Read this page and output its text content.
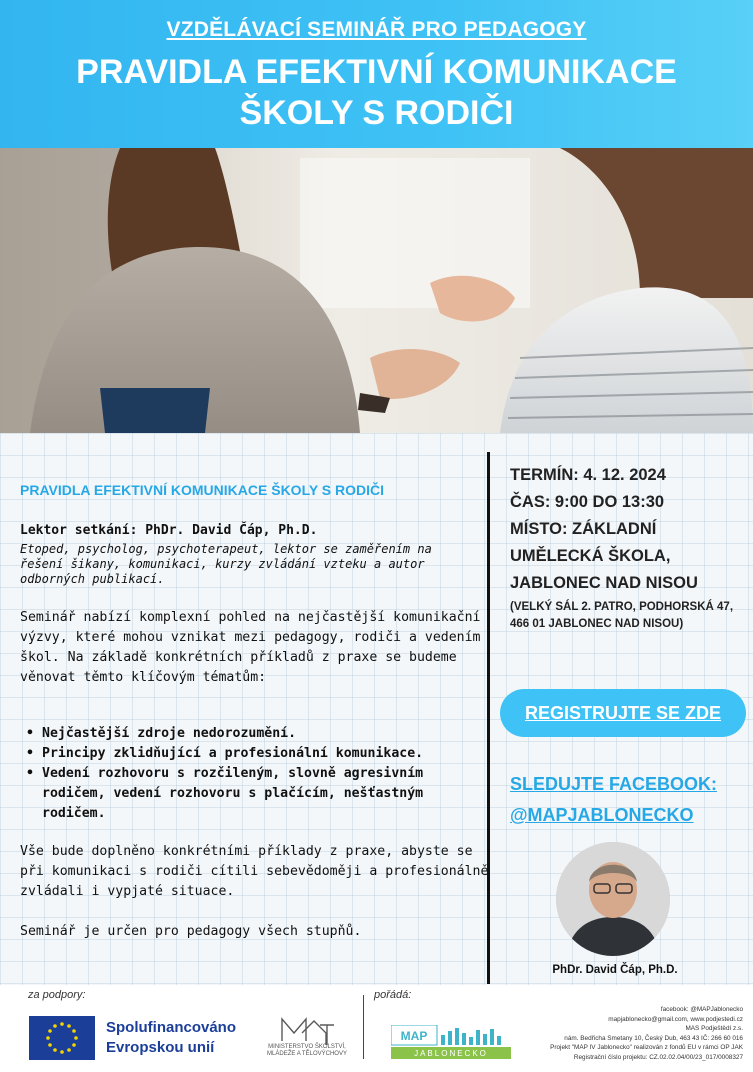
VZDĚLÁVACÍ SEMINÁŘ PRO PEDAGOGY
PRAVIDLA EFEKTIVNÍ KOMUNIKACE
ŠKOLY S RODIČI
PRAVIDLA EFEKTIVNÍ KOMUNIKACE ŠKOLY S RODIČI
Lektor setkání: PhDr. David Čáp, Ph.D.
Etoped, psycholog, psychoterapeut, lektor se zaměřením na řešení šikany, komunikaci, kurzy zvládání vzteku a autor odborných publikací.
Seminář nabízí komplexní pohled na nejčastější komunikační výzvy, které mohou vznikat mezi pedagogy, rodiči a vedením škol. Na základě konkrétních příkladů z praxe se budeme věnovat těmto klíčovým tématům:
• Nejčastější zdroje nedorozumění.
• Principy zklidňující a profesionální komunikace.
• Vedení rozhovoru s rozčileným, slovně agresivním rodičem, vedení rozhovoru s plačícím, nešťastným rodičem.
Vše bude doplněno konkrétními příklady z praxe, abyste se při komunikaci s rodiči cítili sebevědoměji a profesionálně zvládali i vypjaté situace.
Seminář je určen pro pedagogy všech stupňů.
TERMÍN: 4. 12. 2024
ČAS: 9:00 DO 13:30
MÍSTO: ZÁKLADNÍ UMĚLECKÁ ŠKOLA, JABLONEC NAD NISOU
(VELKÝ SÁL 2. PATRO, PODHORSKÁ 47, 466 01 JABLONEC NAD NISOU)
REGISTRUJTE SE ZDE
SLEDUJTE FACEBOOK:
@MAPJABLONECKO
PhDr. David Čáp, Ph.D.
za podpory:
Spolufinancováno
Evropskou unií	MINISTERSTVO ŠKOLSTVÍ,
MLÁDEŽE A TĚLOVÝCHOVY
pořádá:
MAP
JABLONECKO
facebook: @MAPJablonecko
mapjablonecko@gmail.com, www.podjestedi.cz
MAS Podještědí z.s.
nám. Bedřicha Smetany 10, Český Dub, 463 43 IČ: 266 60 016
Projekt "MAP IV Jablonecko" realizován z fondů EU v rámci OP JAK
Registrační číslo projektu: CZ.02.02.04/00/23_017/0008327
